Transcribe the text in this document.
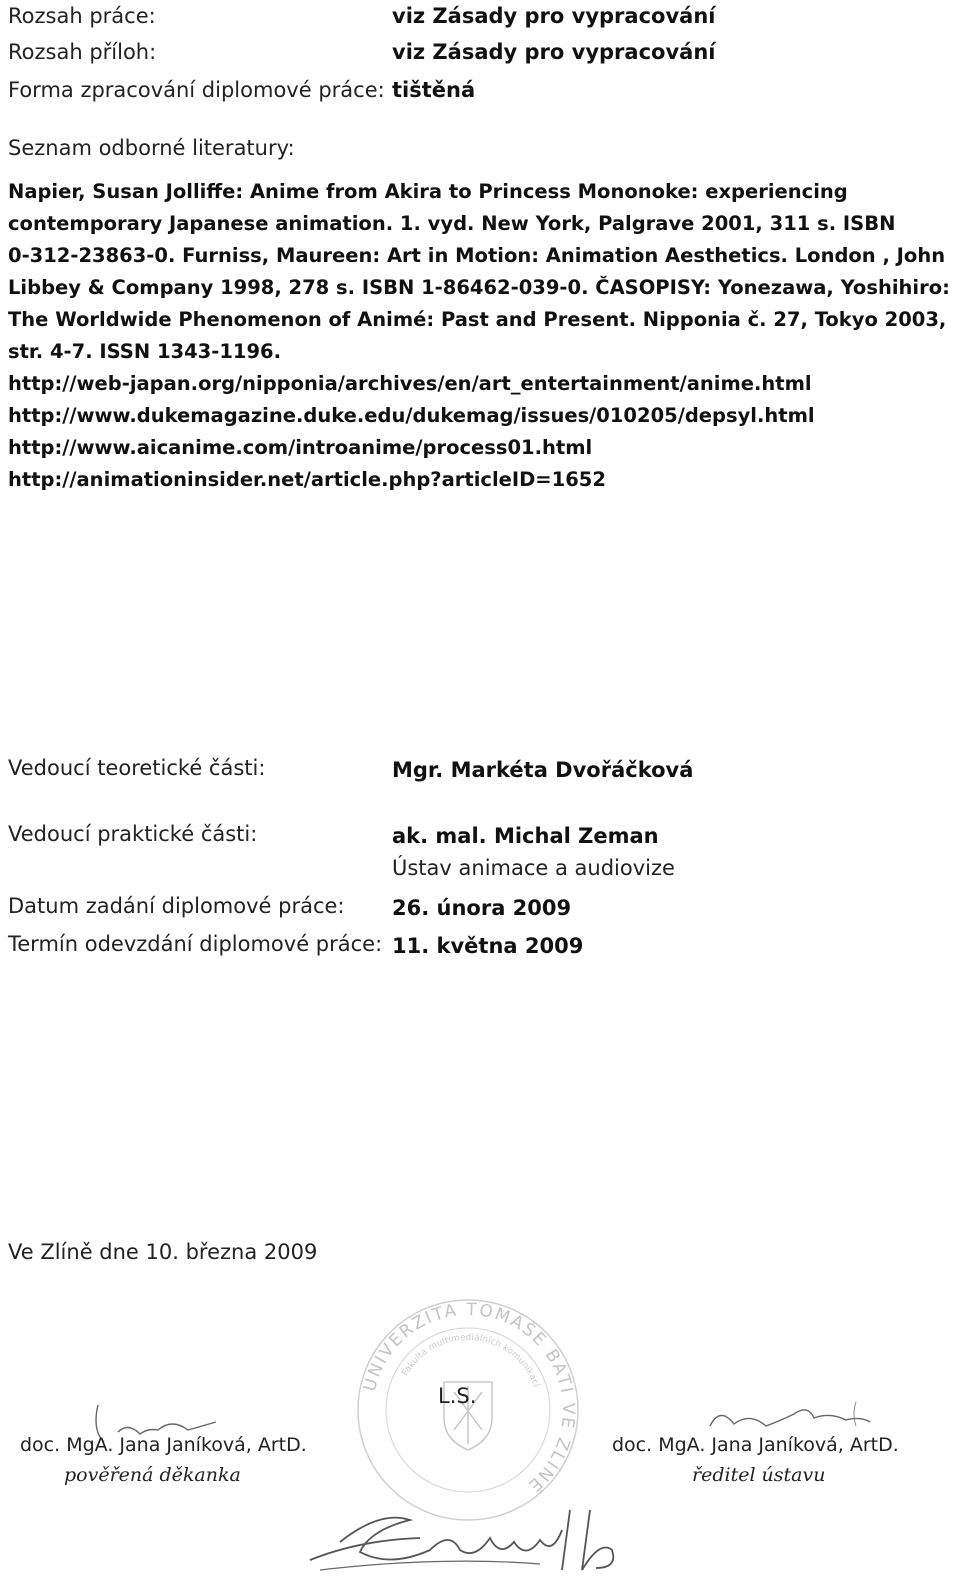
Rozsah práce:	viz Zásady pro vypracování
Rozsah příloh:	viz Zásady pro vypracování
Forma zpracování diplomové práce: tištěná
Seznam odborné literatury:
Napier, Susan Jolliffe: Anime from Akira to Princess Mononoke: experiencing
contemporary Japanese animation. 1. vyd. New York, Palgrave 2001, 311 s. ISBN
0-312-23863-0. Furniss, Maureen: Art in Motion: Animation Aesthetics. London , John
Libbey & Company 1998, 278 s. ISBN 1-86462-039-0. ČASOPISY: Yonezawa, Yoshihiro:
The Worldwide Phenomenon of Animé: Past and Present. Nipponia č. 27, Tokyo 2003,
str. 4-7. ISSN 1343-1196.
http://web-japan.org/nipponia/archives/en/art_entertainment/anime.html
http://www.dukemagazine.duke.edu/dukemag/issues/010205/depsyl.html
http://www.aicanime.com/introanime/process01.html
http://animationinsider.net/article.php?articleID=1652
Vedoucí teoretické části:	Mgr. Markéta Dvořáčková
Vedoucí praktické části:	ak. mal. Michal Zeman
Ústav animace a audiovize
Datum zadání diplomové práce: 26. února 2009
Termín odevzdání diplomové práce: 11. května 2009
Ve Zlíně dne 10. března 2009
UNIVERZITA TOMÁŠE BATI VE ZLÍNĚ
Fakulta multimediálních komunikací
L.S.
doc. MgA. Jana Janíková, ArtD.
pověřená děkanka
doc. MgA. Jana Janíková, ArtD.
ředitel ústavu
